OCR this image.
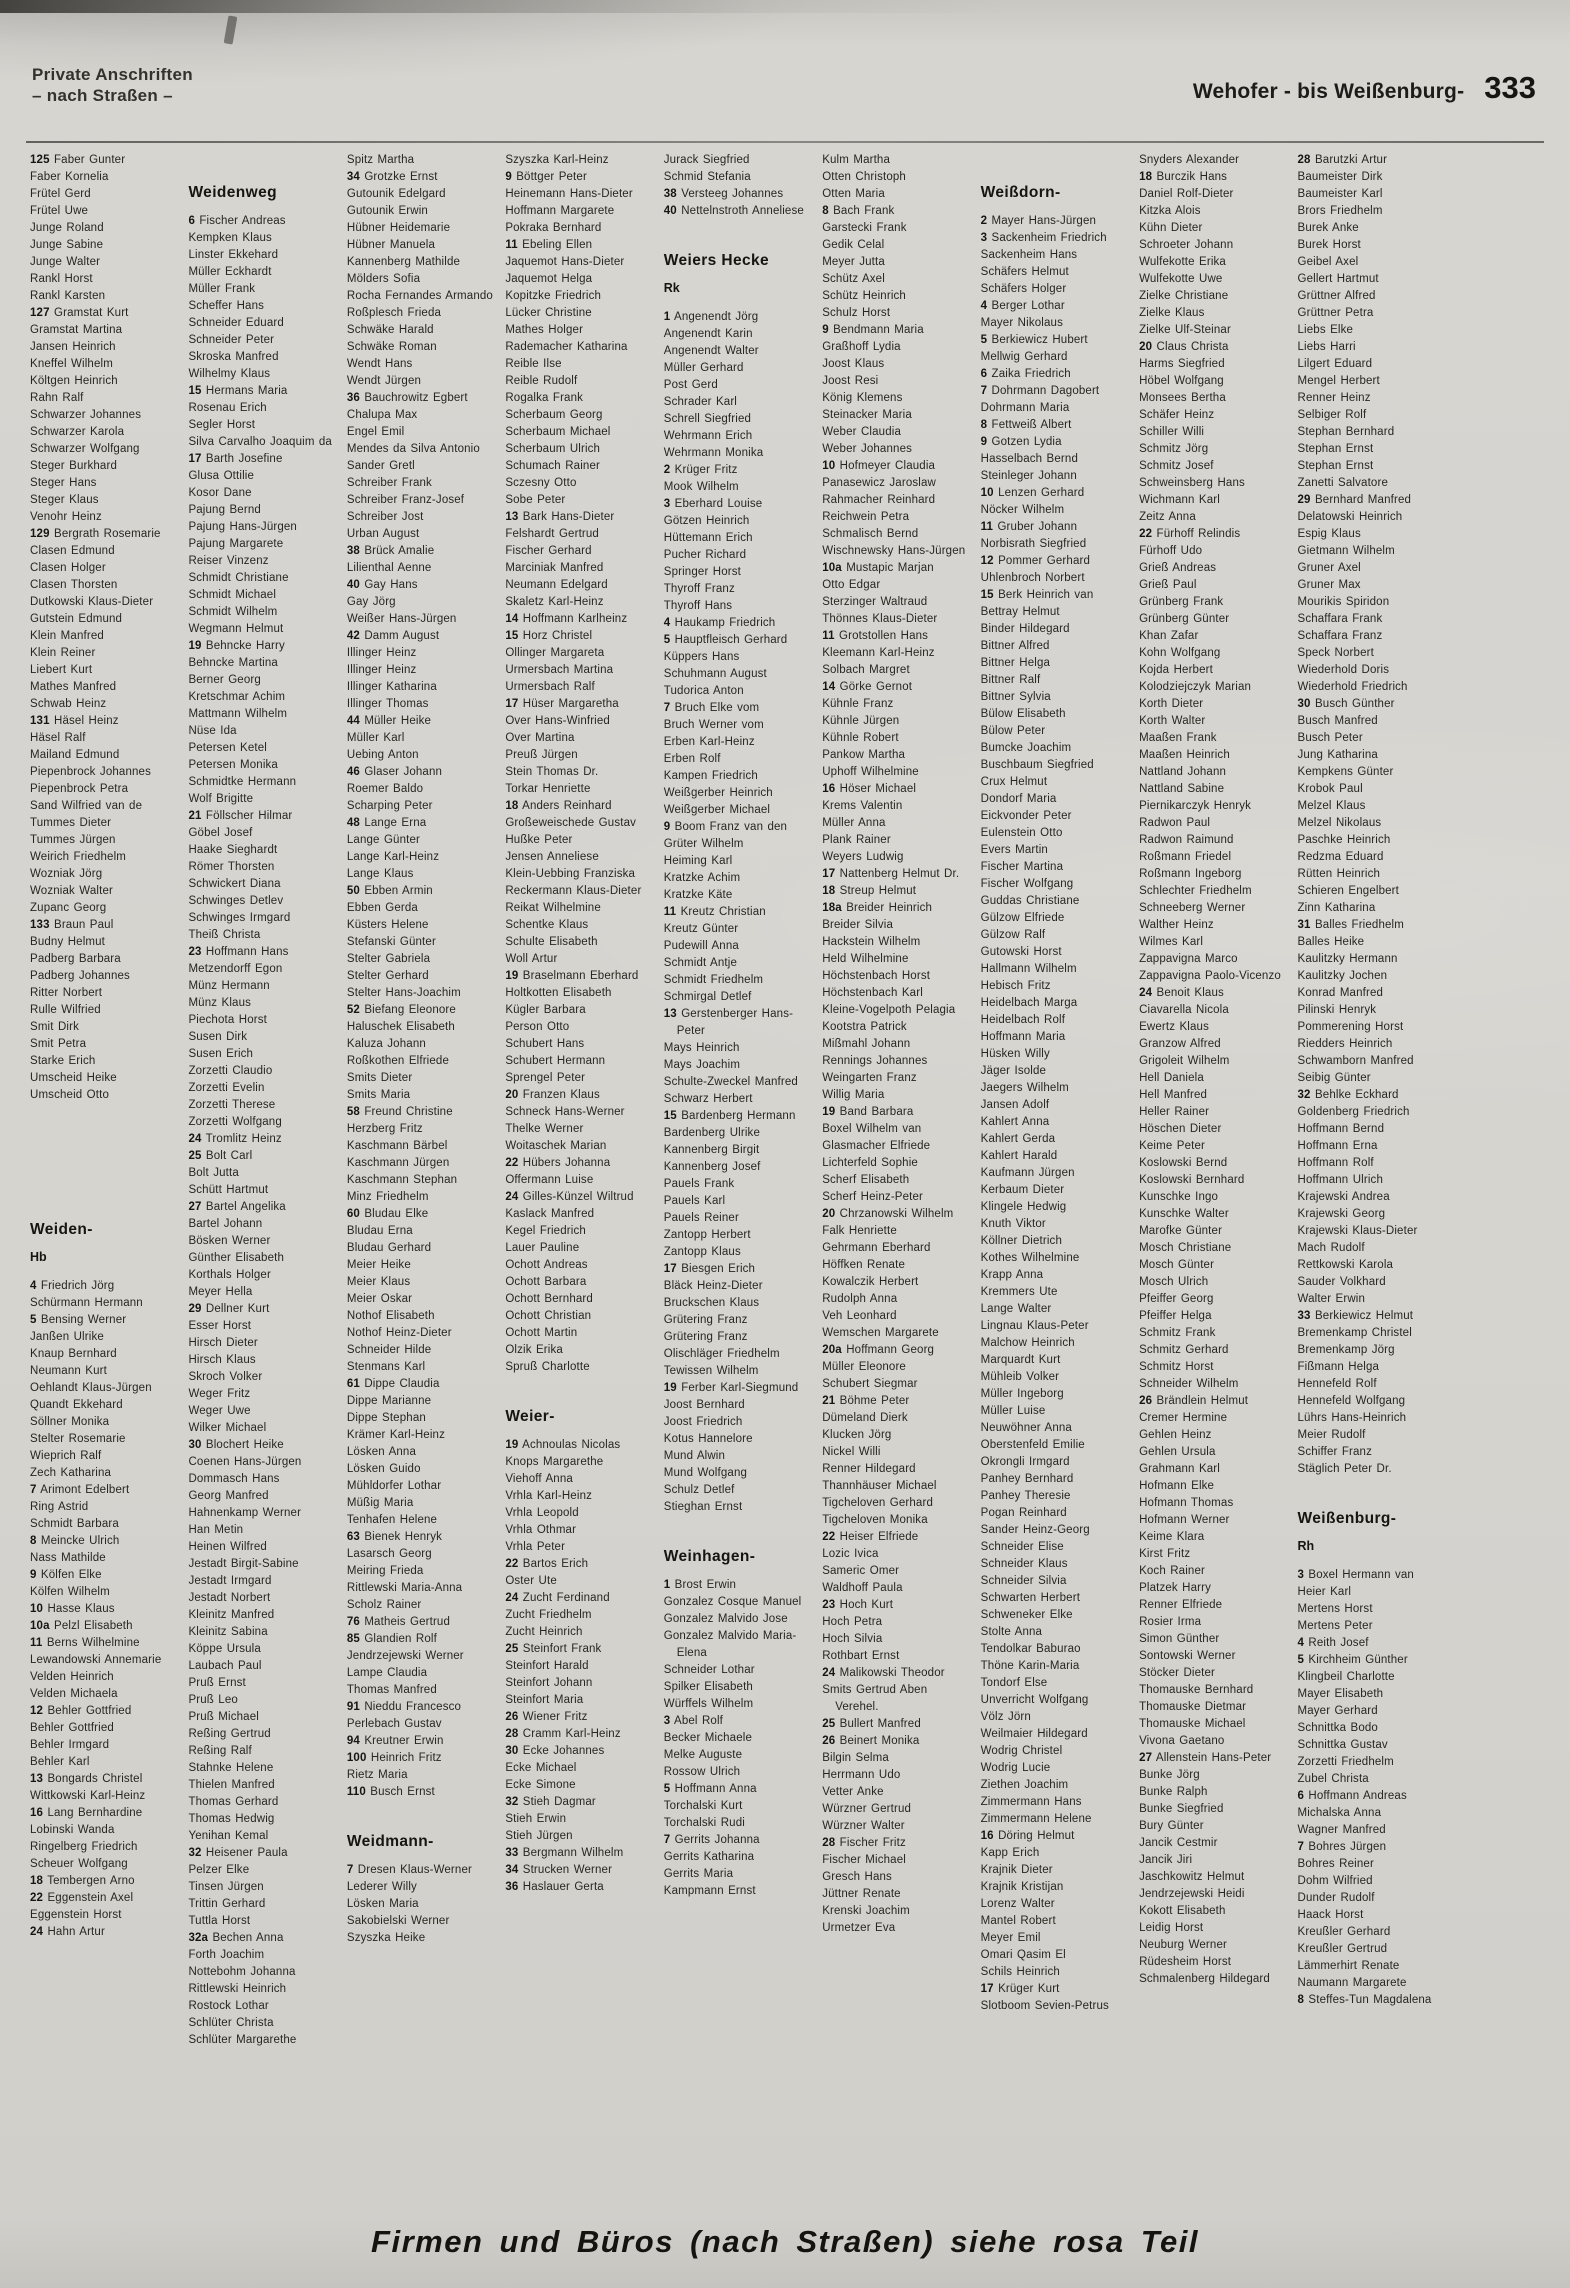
Private Anschriften
– nach Straßen –	Wehofer - bis Weißenburg- 333
125 Faber Gunter
Faber Kornelia
Frütel Gerd
Frütel Uwe
Junge Roland
Junge Sabine
Junge Walter
Rankl Horst
Rankl Karsten
127 Gramstat Kurt
Gramstat Martina
Jansen Heinrich
Kneffel Wilhelm
Költgen Heinrich
Rahn Ralf
Schwarzer Johannes
Schwarzer Karola
Schwarzer Wolfgang
Steger Burkhard
Steger Hans
Steger Klaus
Venohr Heinz
129 Bergrath Rosemarie
Clasen Edmund
Clasen Holger
Clasen Thorsten
Dutkowski Klaus-Dieter
Gutstein Edmund
Klein Manfred
Klein Reiner
Liebert Kurt
Mathes Manfred
Schwab Heinz
131 Häsel Heinz
Häsel Ralf
Mailand Edmund
Piepenbrock Johannes
Piepenbrock Petra
Sand Wilfried van de
Tummes Dieter
Tummes Jürgen
Weirich Friedhelm
Wozniak Jörg
Wozniak Walter
Zupanc Georg
133 Braun Paul
Budny Helmut
Padberg Barbara
Padberg Johannes
Ritter Norbert
Rulle Wilfried
Smit Dirk
Smit Petra
Starke Erich
Umscheid Heike
Umscheid Otto
Weiden-
Hb
4 Friedrich Jörg
Schürmann Hermann
5 Bensing Werner
Janßen Ulrike
Knaup Bernhard
Neumann Kurt
Oehlandt Klaus-Jürgen
Quandt Ekkehard
Söllner Monika
Stelter Rosemarie
Wieprich Ralf
Zech Katharina
7 Arimont Edelbert
Ring Astrid
Schmidt Barbara
8 Meincke Ulrich
Nass Mathilde
9 Kölfen Elke
Kölfen Wilhelm
10 Hasse Klaus
10a Pelzl Elisabeth
11 Berns Wilhelmine
Lewandowski Annemarie
Velden Heinrich
Velden Michaela
12 Behler Gottfried
Behler Gottfried
Behler Irmgard
Behler Karl
13 Bongards Christel
Wittkowski Karl-Heinz
16 Lang Bernhardine
Lobinski Wanda
Ringelberg Friedrich
Scheuer Wolfgang
18 Tembergen Arno
22 Eggenstein Axel
Eggenstein Horst
24 Hahn Artur
Weidenweg
6 Fischer Andreas
Kempken Klaus
Linster Ekkehard
Müller Eckhardt
Müller Frank
Scheffer Hans
Schneider Eduard
Schneider Peter
Skroska Manfred
Wilhelmy Klaus
15 Hermans Maria
Rosenau Erich
Segler Horst
Silva Carvalho Joaquim da
17 Barth Josefine
Glusa Ottilie
Kosor Dane
Pajung Bernd
Pajung Hans-Jürgen
Pajung Margarete
Reiser Vinzenz
Schmidt Christiane
Schmidt Michael
Schmidt Wilhelm
Wegmann Helmut
19 Behncke Harry
Behncke Martina
Berner Georg
Kretschmar Achim
Mattmann Wilhelm
Nüse Ida
Petersen Ketel
Petersen Monika
Schmidtke Hermann
Wolf Brigitte
21 Föllscher Hilmar
Göbel Josef
Haake Sieghardt
Römer Thorsten
Schwickert Diana
Schwinges Detlev
Schwinges Irmgard
Theiß Christa
23 Hoffmann Hans
Metzendorff Egon
Münz Hermann
Münz Klaus
Piechota Horst
Susen Dirk
Susen Erich
Zorzetti Claudio
Zorzetti Evelin
Zorzetti Therese
Zorzetti Wolfgang
24 Tromlitz Heinz
25 Bolt Carl
Bolt Jutta
Schütt Hartmut
27 Bartel Angelika
Bartel Johann
Bösken Werner
Günther Elisabeth
Korthals Holger
Meyer Hella
29 Dellner Kurt
Esser Horst
Hirsch Dieter
Hirsch Klaus
Skroch Volker
Weger Fritz
Weger Uwe
Wilker Michael
30 Blochert Heike
Coenen Hans-Jürgen
Dommasch Hans
Georg Manfred
Hahnenkamp Werner
Han Metin
Heinen Wilfred
Jestadt Birgit-Sabine
Jestadt Irmgard
Jestadt Norbert
Kleinitz Manfred
Kleinitz Sabina
Köppe Ursula
Laubach Paul
Pruß Ernst
Pruß Leo
Pruß Michael
Reßing Gertrud
Reßing Ralf
Stahnke Helene
Thielen Manfred
Thomas Gerhard
Thomas Hedwig
Yenihan Kemal
32 Heisener Paula
Pelzer Elke
Tinsen Jürgen
Trittin Gerhard
Tuttla Horst
32a Bechen Anna
Forth Joachim
Nottebohm Johanna
Rittlewski Heinrich
Rostock Lothar
Schlüter Christa
Schlüter Margarethe
Spitz Martha
34 Grotzke Ernst
Gutounik Edelgard
Gutounik Erwin
Hübner Heidemarie
Hübner Manuela
Kannenberg Mathilde
Mölders Sofia
Rocha Fernandes Armando
Roßplesch Frieda
Schwäke Harald
Schwäke Roman
Wendt Hans
Wendt Jürgen
36 Bauchrowitz Egbert
Chalupa Max
Engel Emil
Mendes da Silva Antonio
Sander Gretl
Schreiber Frank
Schreiber Franz-Josef
Schreiber Jost
Urban August
38 Brück Amalie
Lilienthal Aenne
40 Gay Hans
Gay Jörg
Weißer Hans-Jürgen
42 Damm August
Illinger Heinz
Illinger Heinz
Illinger Katharina
Illinger Thomas
44 Müller Heike
Müller Karl
Uebing Anton
46 Glaser Johann
Roemer Baldo
Scharping Peter
48 Lange Erna
Lange Günter
Lange Karl-Heinz
Lange Klaus
50 Ebben Armin
Ebben Gerda
Küsters Helene
Stefanski Günter
Stelter Gabriela
Stelter Gerhard
Stelter Hans-Joachim
52 Biefang Eleonore
Haluschek Elisabeth
Kaluza Johann
Roßkothen Elfriede
Smits Dieter
Smits Maria
58 Freund Christine
Herzberg Fritz
Kaschmann Bärbel
Kaschmann Jürgen
Kaschmann Stephan
Minz Friedhelm
60 Bludau Elke
Bludau Erna
Bludau Gerhard
Meier Heike
Meier Klaus
Meier Oskar
Nothof Elisabeth
Nothof Heinz-Dieter
Schneider Hilde
Stenmans Karl
61 Dippe Claudia
Dippe Marianne
Dippe Stephan
Krämer Karl-Heinz
Lösken Anna
Lösken Guido
Mühldorfer Lothar
Müßig Maria
Tenhafen Helene
63 Bienek Henryk
Lasarsch Georg
Meiring Frieda
Rittlewski Maria-Anna
Scholz Rainer
76 Matheis Gertrud
85 Glandien Rolf
Jendrzejewski Werner
Lampe Claudia
Thomas Manfred
91 Nieddu Francesco
Perlebach Gustav
94 Kreutner Erwin
100 Heinrich Fritz
Rietz Maria
110 Busch Ernst
Weidmann-
7 Dresen Klaus-Werner
Lederer Willy
Lösken Maria
Sakobielski Werner
Szyszka Heike
Szyszka Karl-Heinz
9 Böttger Peter
Heinemann Hans-Dieter
Hoffmann Margarete
Pokraka Bernhard
11 Ebeling Ellen
Jaquemot Hans-Dieter
Jaquemot Helga
Kopitzke Friedrich
Lücker Christine
Mathes Holger
Rademacher Katharina
Reible Ilse
Reible Rudolf
Rogalka Frank
Scherbaum Georg
Scherbaum Michael
Scherbaum Ulrich
Schumach Rainer
Sczesny Otto
Sobe Peter
13 Bark Hans-Dieter
Felshardt Gertrud
Fischer Gerhard
Marciniak Manfred
Neumann Edelgard
Skaletz Karl-Heinz
14 Hoffmann Karlheinz
15 Horz Christel
Ollinger Margareta
Urmersbach Martina
Urmersbach Ralf
17 Hüser Margaretha
Over Hans-Winfried
Over Martina
Preuß Jürgen
Stein Thomas Dr.
Torkar Henriette
18 Anders Reinhard
Großeweischede Gustav
Hußke Peter
Jensen Anneliese
Klein-Uebbing Franziska
Reckermann Klaus-Dieter
Reikat Wilhelmine
Schentke Klaus
Schulte Elisabeth
Woll Artur
19 Braselmann Eberhard
Holtkotten Elisabeth
Kügler Barbara
Person Otto
Schubert Hans
Schubert Hermann
Sprengel Peter
20 Franzen Klaus
Schneck Hans-Werner
Thelke Werner
Woitaschek Marian
22 Hübers Johanna
Offermann Luise
24 Gilles-Künzel Wiltrud
Kaslack Manfred
Kegel Friedrich
Lauer Pauline
Ochott Andreas
Ochott Barbara
Ochott Bernhard
Ochott Christian
Ochott Martin
Olzik Erika
Spruß Charlotte
Weier-
19 Achnoulas Nicolas
Knops Margarethe
Viehoff Anna
Vrhla Karl-Heinz
Vrhla Leopold
Vrhla Othmar
Vrhla Peter
22 Bartos Erich
Oster Ute
24 Zucht Ferdinand
Zucht Friedhelm
Zucht Heinrich
25 Steinfort Frank
Steinfort Harald
Steinfort Johann
Steinfort Maria
26 Wiener Fritz
28 Cramm Karl-Heinz
30 Ecke Johannes
Ecke Michael
Ecke Simone
32 Stieh Dagmar
Stieh Erwin
Stieh Jürgen
33 Bergmann Wilhelm
34 Strucken Werner
36 Haslauer Gerta
Jurack Siegfried
Schmid Stefania
38 Versteeg Johannes
40 Nettelnstroth Anneliese
Weiers Hecke
Rk
1 Angenendt Jörg
Angenendt Karin
Angenendt Walter
Müller Gerhard
Post Gerd
Schrader Karl
Schrell Siegfried
Wehrmann Erich
Wehrmann Monika
2 Krüger Fritz
Mook Wilhelm
3 Eberhard Louise
Götzen Heinrich
Hüttemann Erich
Pucher Richard
Springer Horst
Thyroff Franz
Thyroff Hans
4 Haukamp Friedrich
5 Hauptfleisch Gerhard
Küppers Hans
Schuhmann August
Tudorica Anton
7 Bruch Elke vom
Bruch Werner vom
Erben Karl-Heinz
Erben Rolf
Kampen Friedrich
Weißgerber Heinrich
Weißgerber Michael
9 Boom Franz van den
Grüter Wilhelm
Heiming Karl
Kratzke Achim
Kratzke Käte
11 Kreutz Christian
Kreutz Günter
Pudewill Anna
Schmidt Antje
Schmidt Friedhelm
Schmirgal Detlef
13 Gerstenberger Hans-Peter
Mays Heinrich
Mays Joachim
Schulte-Zweckel Manfred
Schwarz Herbert
15 Bardenberg Hermann
Bardenberg Ulrike
Kannenberg Birgit
Kannenberg Josef
Pauels Frank
Pauels Karl
Pauels Reiner
Zantopp Herbert
Zantopp Klaus
17 Biesgen Erich
Bläck Heinz-Dieter
Bruckschen Klaus
Grütering Franz
Grütering Franz
Olischläger Friedhelm
Tewissen Wilhelm
19 Ferber Karl-Siegmund
Joost Bernhard
Joost Friedrich
Kotus Hannelore
Mund Alwin
Mund Wolfgang
Schulz Detlef
Stieghan Ernst
Weinhagen-
1 Brost Erwin
Gonzalez Cosque Manuel
Gonzalez Malvido Jose
Gonzalez Malvido Maria-Elena
Schneider Lothar
Spilker Elisabeth
Würffels Wilhelm
3 Abel Rolf
Becker Michaele
Melke Auguste
Rossow Ulrich
5 Hoffmann Anna
Torchalski Kurt
Torchalski Rudi
7 Gerrits Johanna
Gerrits Katharina
Gerrits Maria
Kampmann Ernst
Kulm Martha
Otten Christoph
Otten Maria
8 Bach Frank
Garstecki Frank
Gedik Celal
Meyer Jutta
Schütz Axel
Schütz Heinrich
Schulz Horst
9 Bendmann Maria
Graßhoff Lydia
Joost Klaus
Joost Resi
König Klemens
Steinacker Maria
Weber Claudia
Weber Johannes
10 Hofmeyer Claudia
Panasewicz Jaroslaw
Rahmacher Reinhard
Reichwein Petra
Schmalisch Bernd
Wischnewsky Hans-Jürgen
10a Mustapic Marjan
Otto Edgar
Sterzinger Waltraud
Thönnes Klaus-Dieter
11 Grotstollen Hans
Kleemann Karl-Heinz
Solbach Margret
14 Görke Gernot
Kühnle Franz
Kühnle Jürgen
Kühnle Robert
Pankow Martha
Uphoff Wilhelmine
16 Höser Michael
Krems Valentin
Müller Anna
Plank Rainer
Weyers Ludwig
17 Nattenberg Helmut Dr.
18 Streup Helmut
18a Breider Heinrich
Breider Silvia
Hackstein Wilhelm
Held Wilhelmine
Höchstenbach Horst
Höchstenbach Karl
Kleine-Vogelpoth Pelagia
Kootstra Patrick
Mißmahl Johann
Rennings Johannes
Weingarten Franz
Willig Maria
19 Band Barbara
Boxel Wilhelm van
Glasmacher Elfriede
Lichterfeld Sophie
Scherf Elisabeth
Scherf Heinz-Peter
20 Chrzanowski Wilhelm
Falk Henriette
Gehrmann Eberhard
Höffken Renate
Kowalczik Herbert
Rudolph Anna
Veh Leonhard
Wemschen Margarete
20a Hoffmann Georg
Müller Eleonore
Schubert Siegmar
21 Böhme Peter
Dümeland Dierk
Klucken Jörg
Nickel Willi
Renner Hildegard
Thannhäuser Michael
Tigcheloven Gerhard
Tigcheloven Monika
22 Heiser Elfriede
Lozic Ivica
Sameric Omer
Waldhoff Paula
23 Hoch Kurt
Hoch Petra
Hoch Silvia
Rothbart Ernst
24 Malikowski Theodor
Smits Gertrud Aben Verehel.
25 Bullert Manfred
26 Beinert Monika
Bilgin Selma
Herrmann Udo
Vetter Anke
Würzner Gertrud
Würzner Walter
28 Fischer Fritz
Fischer Michael
Gresch Hans
Jüttner Renate
Krenski Joachim
Urmetzer Eva
Weißdorn-
2 Mayer Hans-Jürgen
3 Sackenheim Friedrich
Sackenheim Hans
Schäfers Helmut
Schäfers Holger
4 Berger Lothar
Mayer Nikolaus
5 Berkiewicz Hubert
Mellwig Gerhard
6 Zaika Friedrich
7 Dohrmann Dagobert
Dohrmann Maria
8 Fettweiß Albert
9 Gotzen Lydia
Hasselbach Bernd
Steinleger Johann
10 Lenzen Gerhard
Nöcker Wilhelm
11 Gruber Johann
Norbisrath Siegfried
12 Pommer Gerhard
Uhlenbroch Norbert
15 Berk Heinrich van
Bettray Helmut
Binder Hildegard
Bittner Alfred
Bittner Helga
Bittner Ralf
Bittner Sylvia
Bülow Elisabeth
Bülow Peter
Bumcke Joachim
Buschbaum Siegfried
Crux Helmut
Dondorf Maria
Eickvonder Peter
Eulenstein Otto
Evers Martin
Fischer Martina
Fischer Wolfgang
Guddas Christiane
Gülzow Elfriede
Gülzow Ralf
Gutowski Horst
Hallmann Wilhelm
Hebisch Fritz
Heidelbach Marga
Heidelbach Rolf
Hoffmann Maria
Hüsken Willy
Jäger Isolde
Jaegers Wilhelm
Jansen Adolf
Kahlert Anna
Kahlert Gerda
Kahlert Harald
Kaufmann Jürgen
Kerbaum Dieter
Klingele Hedwig
Knuth Viktor
Köllner Dietrich
Kothes Wilhelmine
Krapp Anna
Kremmers Ute
Lange Walter
Lingnau Klaus-Peter
Malchow Heinrich
Marquardt Kurt
Mühleib Volker
Müller Ingeborg
Müller Luise
Neuwöhner Anna
Oberstenfeld Emilie
Okrongli Irmgard
Panhey Bernhard
Panhey Theresie
Pogan Reinhard
Sander Heinz-Georg
Schneider Elise
Schneider Klaus
Schneider Silvia
Schwarten Herbert
Schweneker Elke
Stolte Anna
Tendolkar Baburao
Thöne Karin-Maria
Tondorf Else
Unverricht Wolfgang
Völz Jörn
Weilmaier Hildegard
Wodrig Christel
Wodrig Lucie
Ziethen Joachim
Zimmermann Hans
Zimmermann Helene
16 Döring Helmut
Kapp Erich
Krajnik Dieter
Krajnik Kristijan
Lorenz Walter
Mantel Robert
Meyer Emil
Omari Qasim El
Schils Heinrich
17 Krüger Kurt
Slotboom Sevien-Petrus
Snyders Alexander
18 Burczik Hans
Daniel Rolf-Dieter
Kitzka Alois
Kühn Dieter
Schroeter Johann
Wulfekotte Erika
Wulfekotte Uwe
Zielke Christiane
Zielke Klaus
Zielke Ulf-Steinar
20 Claus Christa
Harms Siegfried
Höbel Wolfgang
Monsees Bertha
Schäfer Heinz
Schiller Willi
Schmitz Jörg
Schmitz Josef
Schweinsberg Hans
Wichmann Karl
Zeitz Anna
22 Fürhoff Relindis
Fürhoff Udo
Grieß Andreas
Grieß Paul
Grünberg Frank
Grünberg Günter
Khan Zafar
Kohn Wolfgang
Kojda Herbert
Kolodziejczyk Marian
Korth Dieter
Korth Walter
Maaßen Frank
Maaßen Heinrich
Nattland Johann
Nattland Sabine
Piernikarczyk Henryk
Radwon Paul
Radwon Raimund
Roßmann Friedel
Roßmann Ingeborg
Schlechter Friedhelm
Schneeberg Werner
Walther Heinz
Wilmes Karl
Zappavigna Marco
Zappavigna Paolo-Vicenzo
24 Benoit Klaus
Ciavarella Nicola
Ewertz Klaus
Granzow Alfred
Grigoleit Wilhelm
Hell Daniela
Hell Manfred
Heller Rainer
Höschen Dieter
Keime Peter
Koslowski Bernd
Koslowski Bernhard
Kunschke Ingo
Kunschke Walter
Marofke Günter
Mosch Christiane
Mosch Günter
Mosch Ulrich
Pfeiffer Georg
Pfeiffer Helga
Schmitz Frank
Schmitz Gerhard
Schmitz Horst
Schneider Wilhelm
26 Brändlein Helmut
Cremer Hermine
Gehlen Heinz
Gehlen Ursula
Grahmann Karl
Hofmann Elke
Hofmann Thomas
Hofmann Werner
Keime Klara
Kirst Fritz
Koch Rainer
Platzek Harry
Renner Elfriede
Rosier Irma
Simon Günther
Sontowski Werner
Stöcker Dieter
Thomauske Bernhard
Thomauske Dietmar
Thomauske Michael
Vivona Gaetano
27 Allenstein Hans-Peter
Bunke Jörg
Bunke Ralph
Bunke Siegfried
Bury Günter
Jancik Cestmir
Jancik Jiri
Jaschkowitz Helmut
Jendrzejewski Heidi
Kokott Elisabeth
Leidig Horst
Neuburg Werner
Rüdesheim Horst
Schmalenberg Hildegard
28 Barutzki Artur
Baumeister Dirk
Baumeister Karl
Brors Friedhelm
Burek Anke
Burek Horst
Geibel Axel
Gellert Hartmut
Grüttner Alfred
Grüttner Petra
Liebs Elke
Liebs Harri
Lilgert Eduard
Mengel Herbert
Renner Heinz
Selbiger Rolf
Stephan Bernhard
Stephan Ernst
Stephan Ernst
Zanetti Salvatore
29 Bernhard Manfred
Delatowski Heinrich
Espig Klaus
Gietmann Wilhelm
Gruner Axel
Gruner Max
Mourikis Spiridon
Schaffara Frank
Schaffara Franz
Speck Norbert
Wiederhold Doris
Wiederhold Friedrich
30 Busch Günther
Busch Manfred
Busch Peter
Jung Katharina
Kempkens Günter
Krobok Paul
Melzel Klaus
Melzel Nikolaus
Paschke Heinrich
Redzma Eduard
Rütten Heinrich
Schieren Engelbert
Zinn Katharina
31 Balles Friedhelm
Balles Heike
Kaulitzky Hermann
Kaulitzky Jochen
Konrad Manfred
Pilinski Henryk
Pommerening Horst
Riedders Heinrich
Schwamborn Manfred
Seibig Günter
32 Behlke Eckhard
Goldenberg Friedrich
Hoffmann Bernd
Hoffmann Erna
Hoffmann Rolf
Hoffmann Ulrich
Krajewski Andrea
Krajewski Georg
Krajewski Klaus-Dieter
Mach Rudolf
Rettkowski Karola
Sauder Volkhard
Walter Erwin
33 Berkiewicz Helmut
Bremenkamp Christel
Bremenkamp Jörg
Fißmann Helga
Hennefeld Rolf
Hennefeld Wolfgang
Lührs Hans-Heinrich
Meier Rudolf
Schiffer Franz
Stäglich Peter Dr.
Weißenburg-
Rh
3 Boxel Hermann van
Heier Karl
Mertens Horst
Mertens Peter
4 Reith Josef
5 Kirchheim Günther
Klingbeil Charlotte
Mayer Elisabeth
Mayer Gerhard
Schnittka Bodo
Schnittka Gustav
Zorzetti Friedhelm
Zubel Christa
6 Hoffmann Andreas
Michalska Anna
Wagner Manfred
7 Bohres Jürgen
Bohres Reiner
Dohm Wilfried
Dunder Rudolf
Haack Horst
Kreußler Gerhard
Kreußler Gertrud
Lämmerhirt Renate
Naumann Margarete
8 Steffes-Tun Magdalena
Firmen und Büros (nach Straßen) siehe rosa Teil
